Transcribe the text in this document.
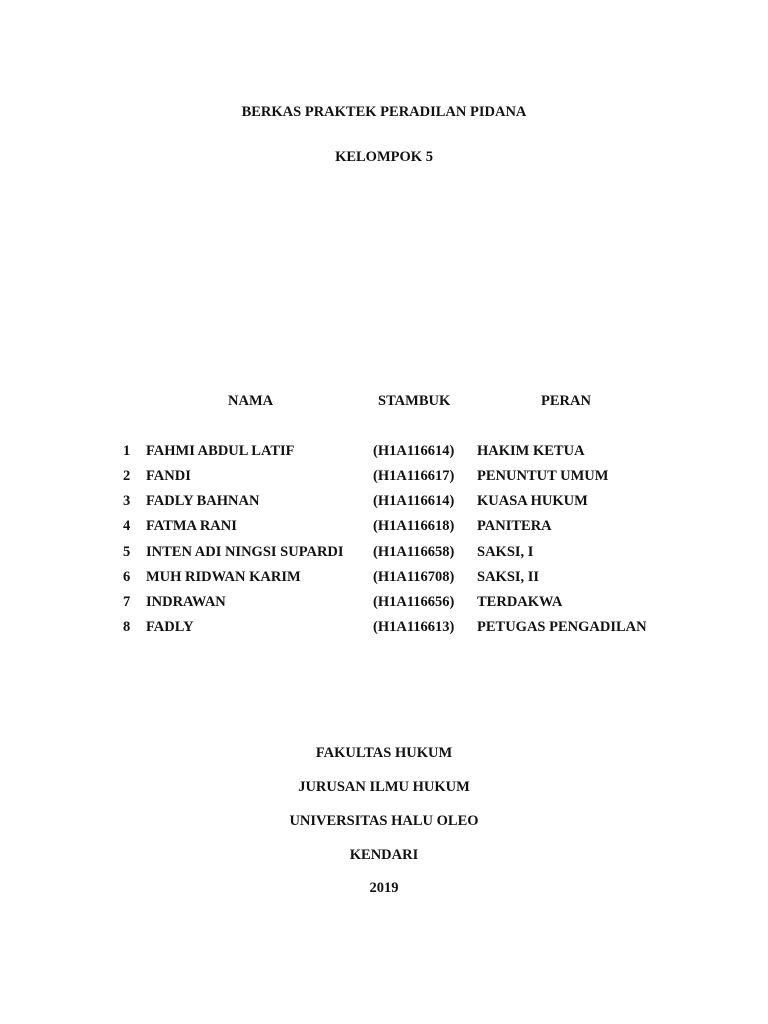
BERKAS PRAKTEK PERADILAN PIDANA
KELOMPOK 5
NAMA	STAMBUK	PERAN
1 FAHMI ABDUL LATIF	(H1A116614) HAKIM KETUA
2 FANDI	(H1A116617) PENUNTUT UMUM
3 FADLY BAHNAN	(H1A116614) KUASA HUKUM
4 FATMA RANI	(H1A116618) PANITERA
5 INTEN ADI NINGSI SUPARDI (H1A116658) SAKSI, I
6 MUH RIDWAN KARIM	(H1A116708) SAKSI, II
7 INDRAWAN	(H1A116656) TERDAKWA
8 FADLY	(H1A116613) PETUGAS PENGADILAN
FAKULTAS HUKUM
JURUSAN ILMU HUKUM
UNIVERSITAS HALU OLEO
KENDARI
2019
